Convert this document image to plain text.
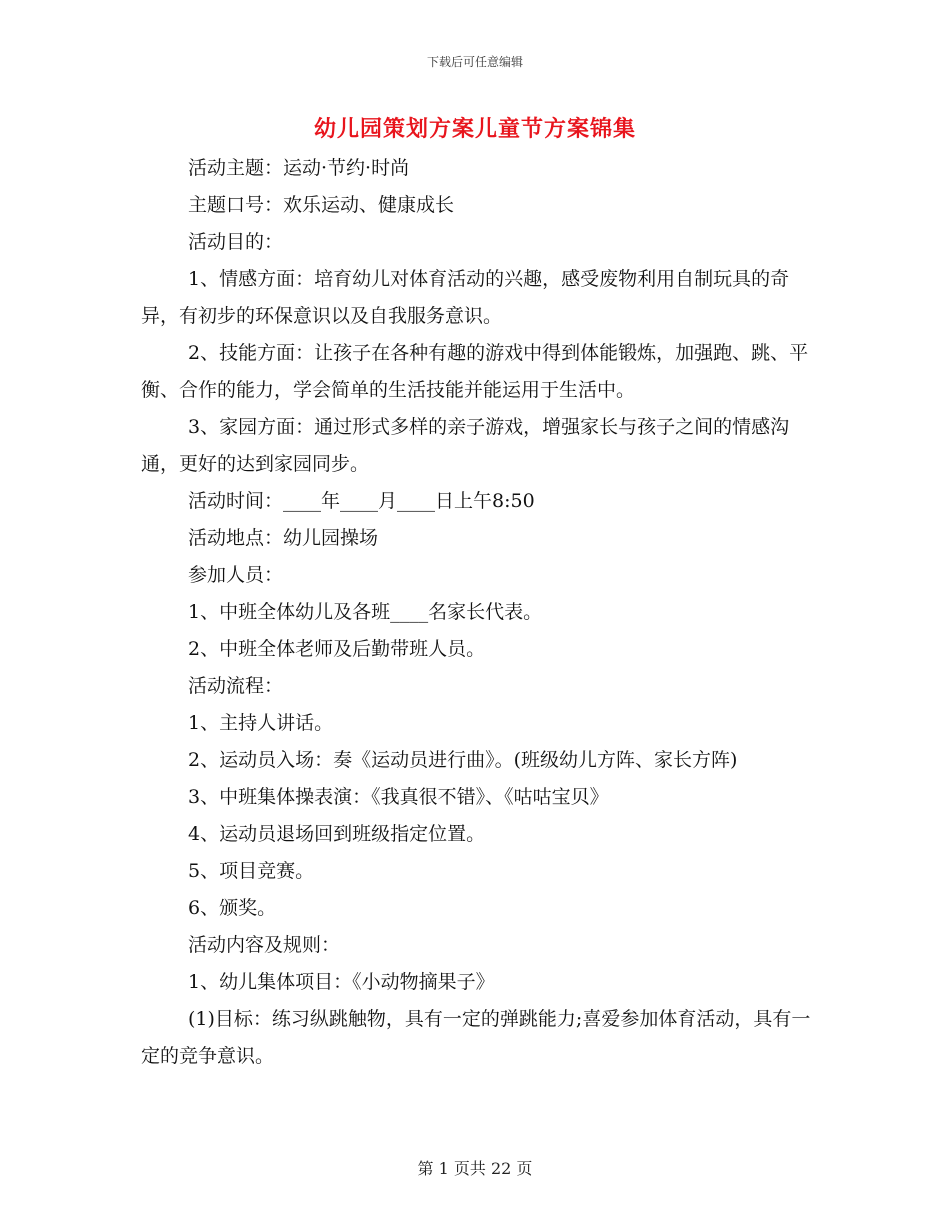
下载后可任意编辑
幼儿园策划方案儿童节方案锦集

活动主题：运动·节约·时尚

主题口号：欢乐运动、健康成长

活动目的：

1、情感方面：培育幼儿对体育活动的兴趣，感受废物利用自制玩具的奇异，有初步的环保意识以及自我服务意识。

2、技能方面：让孩子在各种有趣的游戏中得到体能锻炼，加强跑、跳、平衡、合作的能力，学会简单的生活技能并能运用于生活中。

3、家园方面：通过形式多样的亲子游戏，增强家长与孩子之间的情感沟通，更好的达到家园同步。

活动时间：____年____月____日上午8:50

活动地点：幼儿园操场

参加人员：

1、中班全体幼儿及各班____名家长代表。

2、中班全体老师及后勤带班人员。

活动流程：

1、主持人讲话。

2、运动员入场：奏《运动员进行曲》。(班级幼儿方阵、家长方阵)

3、中班集体操表演：《我真很不错》、《咕咕宝贝》

4、运动员退场回到班级指定位置。

5、项目竞赛。

6、颁奖。

活动内容及规则：

1、幼儿集体项目：《小动物摘果子》

(1)目标：练习纵跳触物，具有一定的弹跳能力;喜爱参加体育活动，具有一定的竞争意识。

第 1 页共 22 页
